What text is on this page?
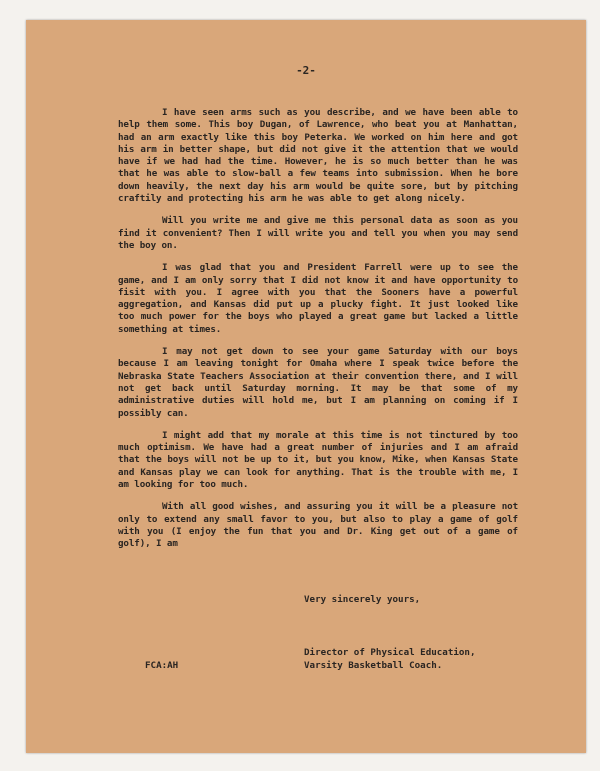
-2-

I have seen arms such as you describe, and we have been able to help them some. This boy Dugan, of Lawrence, who beat you at Manhattan, had an arm exactly like this boy Peterka. We worked on him here and got his arm in better shape, but did not give it the attention that we would have if we had had the time. However, he is so much better than he was that he was able to slow-ball a few teams into submission. When he bore down heavily, the next day his arm would be quite sore, but by pitching craftily and protecting his arm he was able to get along nicely.

Will you write me and give me this personal data as soon as you find it convenient? Then I will write you and tell you when you may send the boy on.

I was glad that you and President Farrell were up to see the game, and I am only sorry that I did not know it and have opportunity to fisit with you. I agree with you that the Sooners have a powerful aggregation, and Kansas did put up a plucky fight. It just looked like too much power for the boys who played a great game but lacked a little something at times.

I may not get down to see your game Saturday with our boys because I am leaving tonight for Omaha where I speak twice before the Nebraska State Teachers Association at their convention there, and I will not get back until Saturday morning. It may be that some of my administrative duties will hold me, but I am planning on coming if I possibly can.

I might add that my morale at this time is not tinctured by too much optimism. We have had a great number of injuries and I am afraid that the boys will not be up to it, but you know, Mike, when Kansas State and Kansas play we can look for anything. That is the trouble with me, I am looking for too much.

With all good wishes, and assuring you it will be a pleasure not only to extend any small favor to you, but also to play a game of golf with you (I enjoy the fun that you and Dr. King get out of a game of golf), I am

Very sincerely yours,
Director of Physical Education,
Varsity Basketball Coach.
FCA:AH
